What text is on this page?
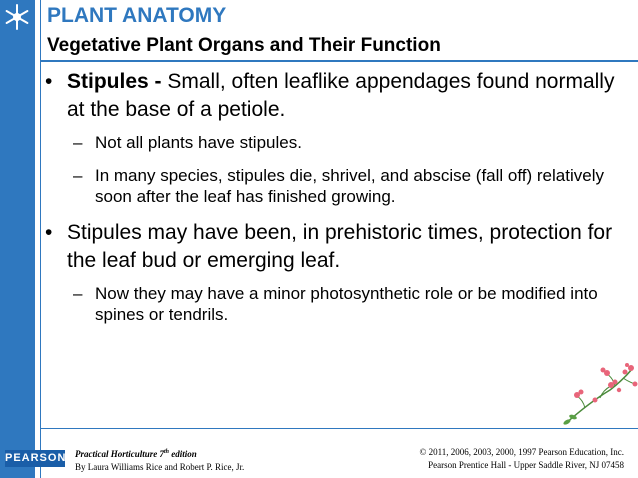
PLANT ANATOMY
Vegetative Plant Organs and Their Function
• Stipules - Small, often leaflike appendages found normally at the base of a petiole.
– Not all plants have stipules.
– In many species, stipules die, shrivel, and abscise (fall off) relatively soon after the leaf has finished growing.
• Stipules may have been, in prehistoric times, protection for the leaf bud or emerging leaf.
– Now they may have a minor photosynthetic role or be modified into spines or tendrils.
PEARSON Practical Horticulture 7th edition
By Laura Williams Rice and Robert P. Rice, Jr.
© 2011, 2006, 2003, 2000, 1997 Pearson Education, Inc.
Pearson Prentice Hall - Upper Saddle River, NJ 07458
